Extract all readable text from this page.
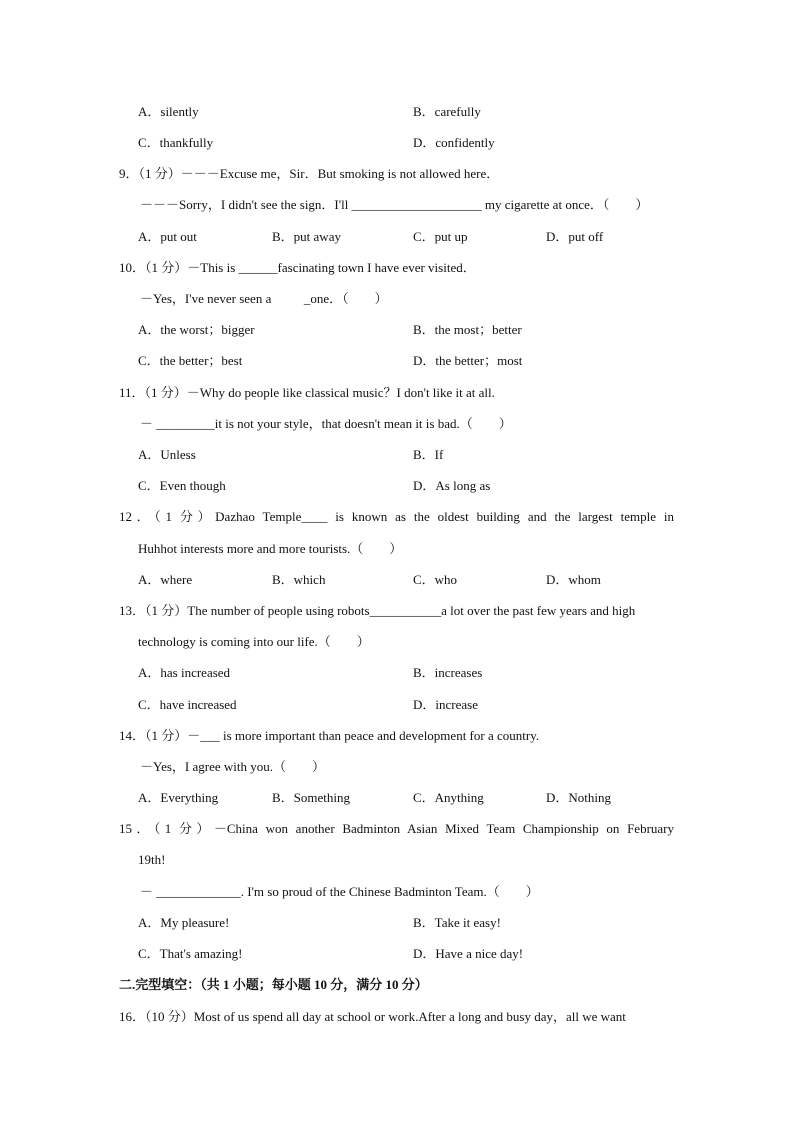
A．silently	B．carefully
C．thankfully	D．confidently
9．（1 分）－－－Excuse me，Sir．But smoking is not allowed here．
－－－Sorry，I didn't see the sign．I'll ____________________ my cigarette at once．（　　）
A．put out	B．put away	C．put up	D．put off
10．（1 分）－This is ______fascinating town I have ever visited．
－Yes，I've never seen a          _one．（　　）
A．the worst；bigger	B．the most；better
C．the better；best	D．the better；most
11．（1 分）－Why do people like classical music？I don't like it at all.
－ _________it is not your style，that doesn't mean it is bad.（　　）
A．Unless	B．If
C．Even though	D．As long as
12．（1 分）Dazhao Temple____ is known as the oldest building and the largest temple in
Huhhot interests more and more tourists.（　　）
A．where	B．which	C．who	D．whom
13．（1 分）The number of people using robots___________a lot over the past few years and high
technology is coming into our life.（　　）
A．has increased	B．increases
C．have increased	D．increase
14．（1 分）－___ is more important than peace and development for a country.
－Yes，I agree with you.（　　）
A．Everything	B．Something	C．Anything	D．Nothing
15．（1 分）－China won another Badminton Asian Mixed Team Championship on February
19th!
－ _____________. I'm so proud of the Chinese Badminton Team.（　　）
A．My pleasure!	B．Take it easy!
C．That's amazing!	D．Have a nice day!
二.完型填空：（共 1 小题；每小题 10 分，满分 10 分）
16．（10 分）Most of us spend all day at school or work.After a long and busy day，all we want
